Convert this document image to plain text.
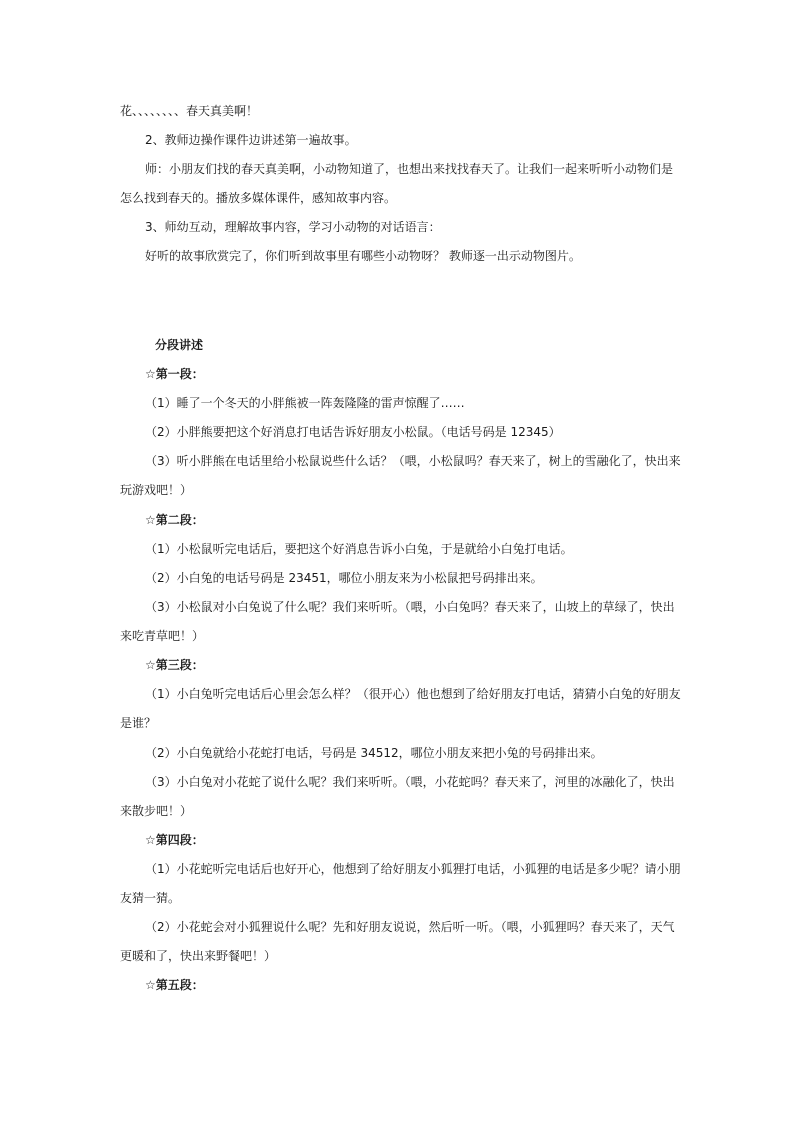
花、、、、、、、、春天真美啊！
2、教师边操作课件边讲述第一遍故事。
师：小朋友们找的春天真美啊，小动物知道了，也想出来找找春天了。让我们一起来听听小动物们是
怎么找到春天的。播放多媒体课件，感知故事内容。
3、师幼互动，理解故事内容，学习小动物的对话语言：
好听的故事欣赏完了，你们听到故事里有哪些小动物呀？ 教师逐一出示动物图片。
分段讲述
☆第一段：
（1）睡了一个冬天的小胖熊被一阵轰隆隆的雷声惊醒了……
（2）小胖熊要把这个好消息打电话告诉好朋友小松鼠。（电话号码是 12345）
（3）听小胖熊在电话里给小松鼠说些什么话？（喂，小松鼠吗？春天来了，树上的雪融化了，快出来
玩游戏吧！）
☆第二段：
（1）小松鼠听完电话后，要把这个好消息告诉小白兔，于是就给小白兔打电话。
（2）小白兔的电话号码是 23451，哪位小朋友来为小松鼠把号码排出来。
（3）小松鼠对小白兔说了什么呢？我们来听听。（喂，小白兔吗？春天来了，山坡上的草绿了，快出
来吃青草吧！）
☆第三段：
（1）小白兔听完电话后心里会怎么样？（很开心）他也想到了给好朋友打电话，猜猜小白兔的好朋友
是谁？
（2）小白兔就给小花蛇打电话，号码是 34512，哪位小朋友来把小兔的号码排出来。
（3）小白兔对小花蛇了说什么呢？我们来听听。（喂，小花蛇吗？春天来了，河里的冰融化了，快出
来散步吧！）
☆第四段：
（1）小花蛇听完电话后也好开心，他想到了给好朋友小狐狸打电话，小狐狸的电话是多少呢？请小朋
友猜一猜。
（2）小花蛇会对小狐狸说什么呢？先和好朋友说说，然后听一听。（喂，小狐狸吗？春天来了，天气
更暖和了，快出来野餐吧！）
☆第五段：
